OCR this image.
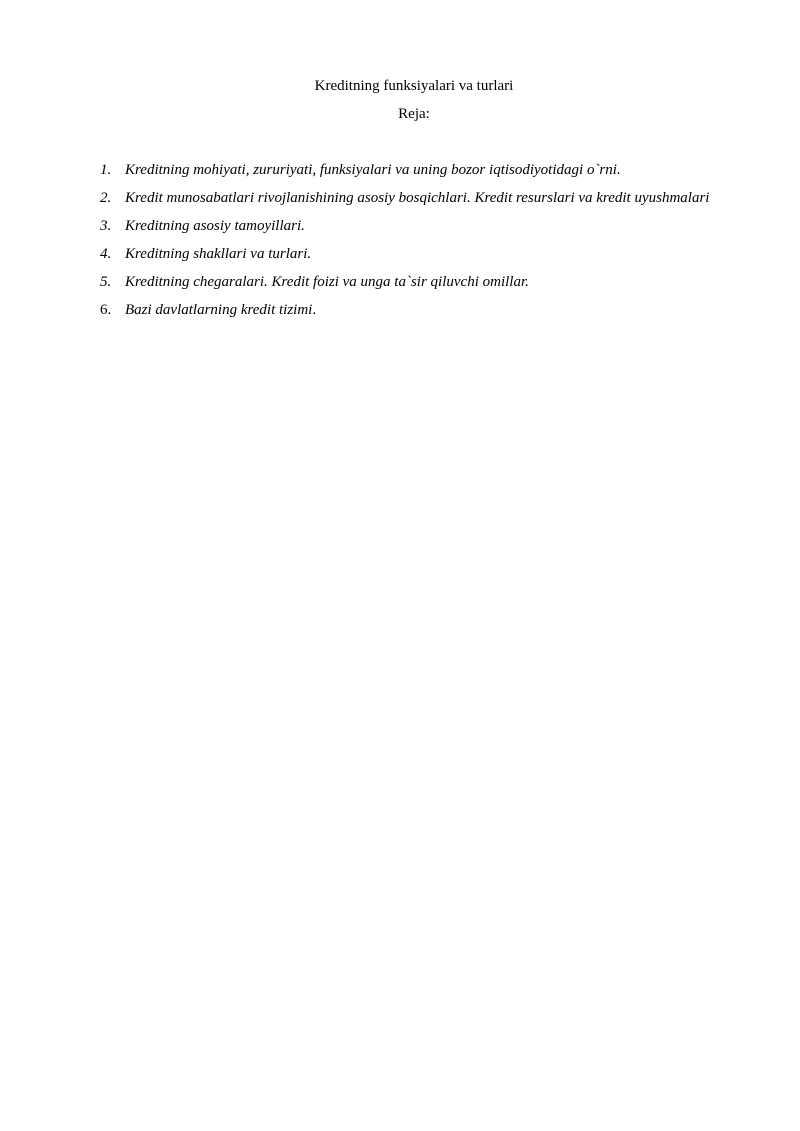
Kreditning funksiyalari va turlari
Reja:
1. Kreditning mohiyati, zururiyati, funksiyalari va uning bozor iqtisodiyotidagi o`rni.
2. Kredit munosabatlari rivojlanishining asosiy bosqichlari. Kredit resurslari va kredit uyushmalari
3. Kreditning asosiy tamoyillari.
4. Kreditning shakllari va turlari.
5. Kreditning chegaralari. Kredit foizi va unga ta`sir qiluvchi omillar.
6. Bazi davlatlarning kredit tizimi.
